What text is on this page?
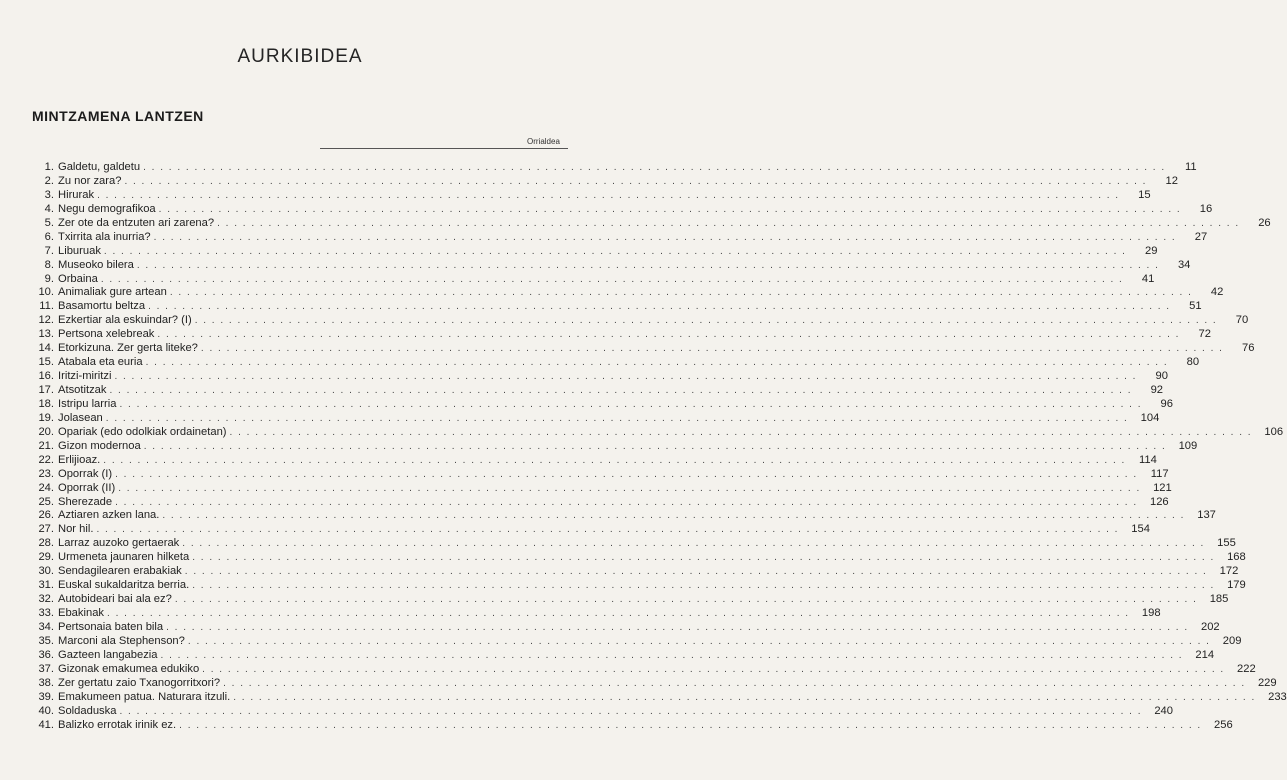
AURKIBIDEA
MINTZAMENA LANTZEN
Orrialdea
1. Galdetu, galdetu . . . . . . . . . . . . . . . . . . . . . . . . . . . . . . . . . . . . . . . . . . . . . . . . . . . . . . . . . . . . . . . . . . . . . . . . . . . . . . . . . . . . . . . . . . . . . . . . . . . . . . . . . . . . . . . . . . . . . . . .	11
2. Zu nor zara? . . . . . . . . . . . . . . . . . . . . . . . . . . . . . . . . . . . . . . . . . . . . . . . . . . . . . . . . . . . . . . . . . . . . . . . . . . . . . . . . . . . . . . . . . . . . . . . . . . . . . . . . . . . . . . . . . . . . . . . .	12
3. Hirurak . . . . . . . . . . . . . . . . . . . . . . . . . . . . . . . . . . . . . . . . . . . . . . . . . . . . . . . . . . . . . . . . . . . . . . . . . . . . . . . . . . . . . . . . . . . . . . . . . . . . . . . . . . . . . . . . . . . . . . . .	15
4. Negu demografikoa . . . . . . . . . . . . . . . . . . . . . . . . . . . . . . . . . . . . . . . . . . . . . . . . . . . . . . . . . . . . . . . . . . . . . . . . . . . . . . . . . . . . . . . . . . . . . . . . . . . . . . . . . . . . . . . . . . . . . . . .	16
5. Zer ote da entzuten ari zarena? . . . . . . . . . . . . . . . . . . . . . . . . . . . . . . . . . . . . . . . . . . . . . . . . . . . . . . . . . . . . . . . . . . . . . . . . . . . . . . . . . . . . . . . . . . . . . . . . . . . . . . . . . . . . . . . . . . . . . . . .	26
6. Txirrita ala inurria? . . . . . . . . . . . . . . . . . . . . . . . . . . . . . . . . . . . . . . . . . . . . . . . . . . . . . . . . . . . . . . . . . . . . . . . . . . . . . . . . . . . . . . . . . . . . . . . . . . . . . . . . . . . . . . . . . . . . . . . .	27
7. Liburuak . . . . . . . . . . . . . . . . . . . . . . . . . . . . . . . . . . . . . . . . . . . . . . . . . . . . . . . . . . . . . . . . . . . . . . . . . . . . . . . . . . . . . . . . . . . . . . . . . . . . . . . . . . . . . . . . . . . . . . . .	29
8. Museoko bilera . . . . . . . . . . . . . . . . . . . . . . . . . . . . . . . . . . . . . . . . . . . . . . . . . . . . . . . . . . . . . . . . . . . . . . . . . . . . . . . . . . . . . . . . . . . . . . . . . . . . . . . . . . . . . . . . . . . . . . . .	34
9. Orbaina . . . . . . . . . . . . . . . . . . . . . . . . . . . . . . . . . . . . . . . . . . . . . . . . . . . . . . . . . . . . . . . . . . . . . . . . . . . . . . . . . . . . . . . . . . . . . . . . . . . . . . . . . . . . . . . . . . . . . . . .	41
10. Animaliak gure artean . . . . . . . . . . . . . . . . . . . . . . . . . . . . . . . . . . . . . . . . . . . . . . . . . . . . . . . . . . . . . . . . . . . . . . . . . . . . . . . . . . . . . . . . . . . . . . . . . . . . . . . . . . . . . . . . . . . . . . . .	42
11. Basamortu beltza . . . . . . . . . . . . . . . . . . . . . . . . . . . . . . . . . . . . . . . . . . . . . . . . . . . . . . . . . . . . . . . . . . . . . . . . . . . . . . . . . . . . . . . . . . . . . . . . . . . . . . . . . . . . . . . . . . . . . . . .	51
12. Ezkertiar ala eskuindar? (I) . . . . . . . . . . . . . . . . . . . . . . . . . . . . . . . . . . . . . . . . . . . . . . . . . . . . . . . . . . . . . . . . . . . . . . . . . . . . . . . . . . . . . . . . . . . . . . . . . . . . . . . . . . . . . . . . . . . . . . . .	70
13. Pertsona xelebreak . . . . . . . . . . . . . . . . . . . . . . . . . . . . . . . . . . . . . . . . . . . . . . . . . . . . . . . . . . . . . . . . . . . . . . . . . . . . . . . . . . . . . . . . . . . . . . . . . . . . . . . . . . . . . . . . . . . . . . . .	72
14. Etorkizuna. Zer gerta liteke? . . . . . . . . . . . . . . . . . . . . . . . . . . . . . . . . . . . . . . . . . . . . . . . . . . . . . . . . . . . . . . . . . . . . . . . . . . . . . . . . . . . . . . . . . . . . . . . . . . . . . . . . . . . . . . . . . . . . . . . .	76
15. Atabala eta euria . . . . . . . . . . . . . . . . . . . . . . . . . . . . . . . . . . . . . . . . . . . . . . . . . . . . . . . . . . . . . . . . . . . . . . . . . . . . . . . . . . . . . . . . . . . . . . . . . . . . . . . . . . . . . . . . . . . . . . . .	80
16. Iritzi-miritzi . . . . . . . . . . . . . . . . . . . . . . . . . . . . . . . . . . . . . . . . . . . . . . . . . . . . . . . . . . . . . . . . . . . . . . . . . . . . . . . . . . . . . . . . . . . . . . . . . . . . . . . . . . . . . . . . . . . . . . . .	90
17. Atsotitzak . . . . . . . . . . . . . . . . . . . . . . . . . . . . . . . . . . . . . . . . . . . . . . . . . . . . . . . . . . . . . . . . . . . . . . . . . . . . . . . . . . . . . . . . . . . . . . . . . . . . . . . . . . . . . . . . . . . . . . . .	92
18. Istripu larria . . . . . . . . . . . . . . . . . . . . . . . . . . . . . . . . . . . . . . . . . . . . . . . . . . . . . . . . . . . . . . . . . . . . . . . . . . . . . . . . . . . . . . . . . . . . . . . . . . . . . . . . . . . . . . . . . . . . . . . .	96
19. Jolasean . . . . . . . . . . . . . . . . . . . . . . . . . . . . . . . . . . . . . . . . . . . . . . . . . . . . . . . . . . . . . . . . . . . . . . . . . . . . . . . . . . . . . . . . . . . . . . . . . . . . . . . . . . . . . . . . . . . . . . . .	104
20. Opariak (edo odolkiak ordainetan) . . . . . . . . . . . . . . . . . . . . . . . . . . . . . . . . . . . . . . . . . . . . . . . . . . . . . . . . . . . . . . . . . . . . . . . . . . . . . . . . . . . . . . . . . . . . . . . . . . . . . . . . . . . . . . . . . . . . . . . .	106
21. Gizon modernoa . . . . . . . . . . . . . . . . . . . . . . . . . . . . . . . . . . . . . . . . . . . . . . . . . . . . . . . . . . . . . . . . . . . . . . . . . . . . . . . . . . . . . . . . . . . . . . . . . . . . . . . . . . . . . . . . . . . . . . . .	109
22. Erlijioaz. . . . . . . . . . . . . . . . . . . . . . . . . . . . . . . . . . . . . . . . . . . . . . . . . . . . . . . . . . . . . . . . . . . . . . . . . . . . . . . . . . . . . . . . . . . . . . . . . . . . . . . . . . . . . . . . . . . . . . . . .	114
23. Oporrak (I) . . . . . . . . . . . . . . . . . . . . . . . . . . . . . . . . . . . . . . . . . . . . . . . . . . . . . . . . . . . . . . . . . . . . . . . . . . . . . . . . . . . . . . . . . . . . . . . . . . . . . . . . . . . . . . . . . . . . . . . .	117
24. Oporrak (II) . . . . . . . . . . . . . . . . . . . . . . . . . . . . . . . . . . . . . . . . . . . . . . . . . . . . . . . . . . . . . . . . . . . . . . . . . . . . . . . . . . . . . . . . . . . . . . . . . . . . . . . . . . . . . . . . . . . . . . . .	121
25. Sherezade . . . . . . . . . . . . . . . . . . . . . . . . . . . . . . . . . . . . . . . . . . . . . . . . . . . . . . . . . . . . . . . . . . . . . . . . . . . . . . . . . . . . . . . . . . . . . . . . . . . . . . . . . . . . . . . . . . . . . . . .	126
26. Aztiaren azken lana. . . . . . . . . . . . . . . . . . . . . . . . . . . . . . . . . . . . . . . . . . . . . . . . . . . . . . . . . . . . . . . . . . . . . . . . . . . . . . . . . . . . . . . . . . . . . . . . . . . . . . . . . . . . . . . . . . . . . . . . .	137
27. Nor hil. . . . . . . . . . . . . . . . . . . . . . . . . . . . . . . . . . . . . . . . . . . . . . . . . . . . . . . . . . . . . . . . . . . . . . . . . . . . . . . . . . . . . . . . . . . . . . . . . . . . . . . . . . . . . . . . . . . . . . . . .	154
28. Larraz auzoko gertaerak . . . . . . . . . . . . . . . . . . . . . . . . . . . . . . . . . . . . . . . . . . . . . . . . . . . . . . . . . . . . . . . . . . . . . . . . . . . . . . . . . . . . . . . . . . . . . . . . . . . . . . . . . . . . . . . . . . . . . . . .	155
29. Urmeneta jaunaren hilketa . . . . . . . . . . . . . . . . . . . . . . . . . . . . . . . . . . . . . . . . . . . . . . . . . . . . . . . . . . . . . . . . . . . . . . . . . . . . . . . . . . . . . . . . . . . . . . . . . . . . . . . . . . . . . . . . . . . . . . . .	168
30. Sendagilearen erabakiak . . . . . . . . . . . . . . . . . . . . . . . . . . . . . . . . . . . . . . . . . . . . . . . . . . . . . . . . . . . . . . . . . . . . . . . . . . . . . . . . . . . . . . . . . . . . . . . . . . . . . . . . . . . . . . . . . . . . . . . .	172
31. Euskal sukaldaritza berria. . . . . . . . . . . . . . . . . . . . . . . . . . . . . . . . . . . . . . . . . . . . . . . . . . . . . . . . . . . . . . . . . . . . . . . . . . . . . . . . . . . . . . . . . . . . . . . . . . . . . . . . . . . . . . . . . . . . . . . . .	179
32. Autobideari bai ala ez? . . . . . . . . . . . . . . . . . . . . . . . . . . . . . . . . . . . . . . . . . . . . . . . . . . . . . . . . . . . . . . . . . . . . . . . . . . . . . . . . . . . . . . . . . . . . . . . . . . . . . . . . . . . . . . . . . . . . . . . .	185
33. Ebakinak . . . . . . . . . . . . . . . . . . . . . . . . . . . . . . . . . . . . . . . . . . . . . . . . . . . . . . . . . . . . . . . . . . . . . . . . . . . . . . . . . . . . . . . . . . . . . . . . . . . . . . . . . . . . . . . . . . . . . . . .	198
34. Pertsonaia baten bila . . . . . . . . . . . . . . . . . . . . . . . . . . . . . . . . . . . . . . . . . . . . . . . . . . . . . . . . . . . . . . . . . . . . . . . . . . . . . . . . . . . . . . . . . . . . . . . . . . . . . . . . . . . . . . . . . . . . . . . .	202
35. Marconi ala Stephenson? . . . . . . . . . . . . . . . . . . . . . . . . . . . . . . . . . . . . . . . . . . . . . . . . . . . . . . . . . . . . . . . . . . . . . . . . . . . . . . . . . . . . . . . . . . . . . . . . . . . . . . . . . . . . . . . . . . . . . . . .	209
36. Gazteen langabezia . . . . . . . . . . . . . . . . . . . . . . . . . . . . . . . . . . . . . . . . . . . . . . . . . . . . . . . . . . . . . . . . . . . . . . . . . . . . . . . . . . . . . . . . . . . . . . . . . . . . . . . . . . . . . . . . . . . . . . . .	214
37. Gizonak emakumea edukiko . . . . . . . . . . . . . . . . . . . . . . . . . . . . . . . . . . . . . . . . . . . . . . . . . . . . . . . . . . . . . . . . . . . . . . . . . . . . . . . . . . . . . . . . . . . . . . . . . . . . . . . . . . . . . . . . . . . . . . . .	222
38. Zer gertatu zaio Txanogorritxori? . . . . . . . . . . . . . . . . . . . . . . . . . . . . . . . . . . . . . . . . . . . . . . . . . . . . . . . . . . . . . . . . . . . . . . . . . . . . . . . . . . . . . . . . . . . . . . . . . . . . . . . . . . . . . . . . . . . . . . . .	229
39. Emakumeen patua. Naturara itzuli. . . . . . . . . . . . . . . . . . . . . . . . . . . . . . . . . . . . . . . . . . . . . . . . . . . . . . . . . . . . . . . . . . . . . . . . . . . . . . . . . . . . . . . . . . . . . . . . . . . . . . . . . . . . . . . . . . . . . . . . .	233
40. Soldaduska . . . . . . . . . . . . . . . . . . . . . . . . . . . . . . . . . . . . . . . . . . . . . . . . . . . . . . . . . . . . . . . . . . . . . . . . . . . . . . . . . . . . . . . . . . . . . . . . . . . . . . . . . . . . . . . . . . . . . . . .	240
41. Balizko errotak irinik ez. . . . . . . . . . . . . . . . . . . . . . . . . . . . . . . . . . . . . . . . . . . . . . . . . . . . . . . . . . . . . . . . . . . . . . . . . . . . . . . . . . . . . . . . . . . . . . . . . . . . . . . . . . . . . . . . . . . . . . . . .	256
